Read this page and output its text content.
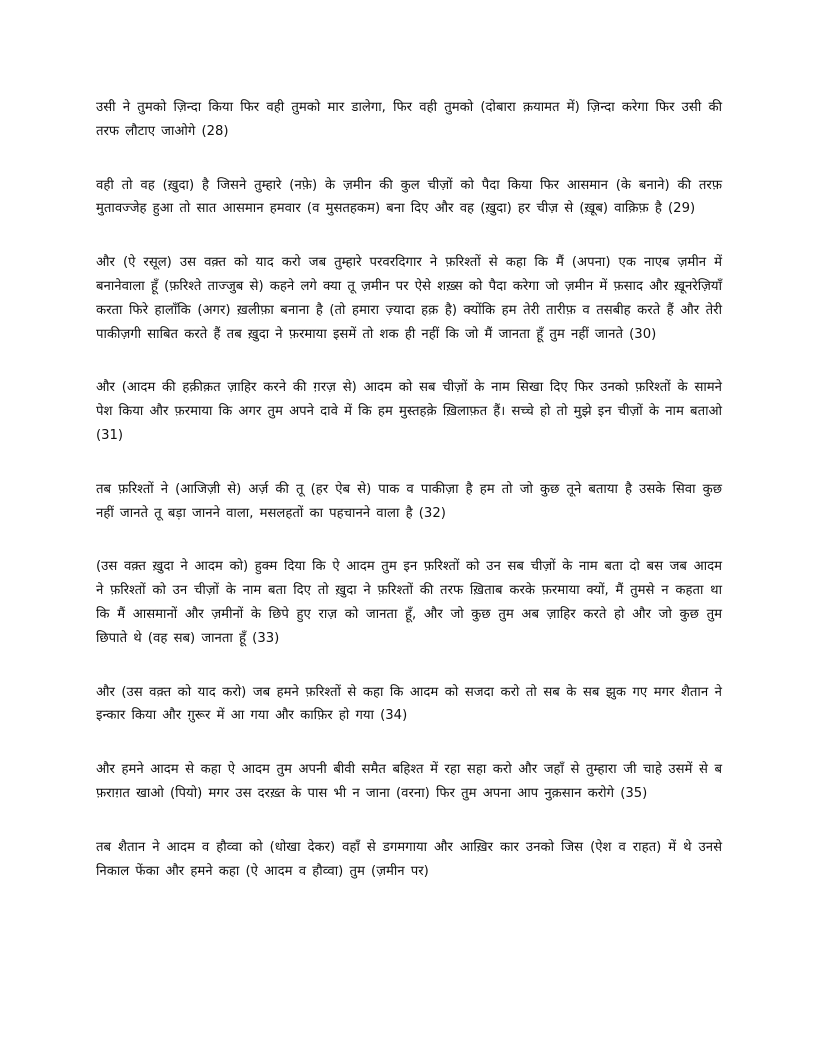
उसी ने तुमको ज़िन्दा किया फिर वही तुमको मार डालेगा, फिर वही तुमको (दोबारा क़यामत में) ज़िन्दा करेगा फिर उसी की तरफ लौटाए जाओगे (28)

वही तो वह (ख़ुदा) है जिसने तुम्हारे (नफ़े) के ज़मीन की कुल चीज़ों को पैदा किया फिर आसमान (के बनाने) की तरफ़ मुतावज्जेह हुआ तो सात आसमान हमवार (व मुसतहकम) बना दिए और वह (ख़ुदा) हर चीज़ से (ख़ूब) वाक़िफ़ है (29)

और (ऐ रसूल) उस वक़्त को याद करो जब तुम्हारे परवरदिगार ने फ़रिश्तों से कहा कि मैं (अपना) एक नाएब ज़मीन में बनानेवाला हूँ (फ़रिश्ते ताज्जुब से) कहने लगे क्या तू ज़मीन पर ऐसे शख़्स को पैदा करेगा जो ज़मीन में फ़साद और ख़ूनरेज़ियाँ करता फिरे हालाँकि (अगर) ख़लीफ़ा बनाना है (तो हमारा ज़्यादा हक़ है) क्योंकि हम तेरी तारीफ़ व तसबीह करते हैं और तेरी पाकीज़गी साबित करते हैं तब ख़ुदा ने फ़रमाया इसमें तो शक ही नहीं कि जो मैं जानता हूँ तुम नहीं जानते (30)

और (आदम की हक़ीक़त ज़ाहिर करने की ग़रज़ से) आदम को सब चीज़ों के नाम सिखा दिए फिर उनको फ़रिश्तों के सामने पेश किया और फ़रमाया कि अगर तुम अपने दावे में कि हम मुस्तहके़ ख़िलाफ़त हैं। सच्चे हो तो मुझे इन चीज़ों के नाम बताओ (31)

तब फ़रिश्तों ने (आजिज़ी से) अर्ज़ की तू (हर ऐब से) पाक व पाकीज़ा है हम तो जो कुछ तूने बताया है उसके सिवा कुछ नहीं जानते तू बड़ा जानने वाला, मसलहतों का पहचानने वाला है (32)

(उस वक़्त ख़ुदा ने आदम को) हुक्म दिया कि ऐ आदम तुम इन फ़रिश्तों को उन सब चीज़ों के नाम बता दो बस जब आदम ने फ़रिश्तों को उन चीज़ों के नाम बता दिए तो ख़ुदा ने फ़रिश्तों की तरफ ख़िताब करके फ़रमाया क्यों, मैं तुमसे न कहता था कि मैं आसमानों और ज़मीनों के छिपे हुए राज़ को जानता हूँ, और जो कुछ तुम अब ज़ाहिर करते हो और जो कुछ तुम छिपाते थे (वह सब) जानता हूँ (33)

और (उस वक़्त को याद करो) जब हमने फ़रिश्तों से कहा कि आदम को सजदा करो तो सब के सब झुक गए मगर शैतान ने इन्कार किया और ग़ुरूर में आ गया और काफ़िर हो गया (34)

और हमने आदम से कहा ऐ आदम तुम अपनी बीवी समैत बहिश्त में रहा सहा करो और जहाँ से तुम्हारा जी चाहे उसमें से ब फ़राग़त खाओ (पियो) मगर उस दरख़्त के पास भी न जाना (वरना) फिर तुम अपना आप नुक़सान करोगे (35)

तब शैतान ने आदम व हौव्वा को (धोखा देकर) वहाँ से डगमगाया और आख़िर कार उनको जिस (ऐश व राहत) में थे उनसे निकाल फेंका और हमने कहा (ऐ आदम व हौव्वा) तुम (ज़मीन पर)
